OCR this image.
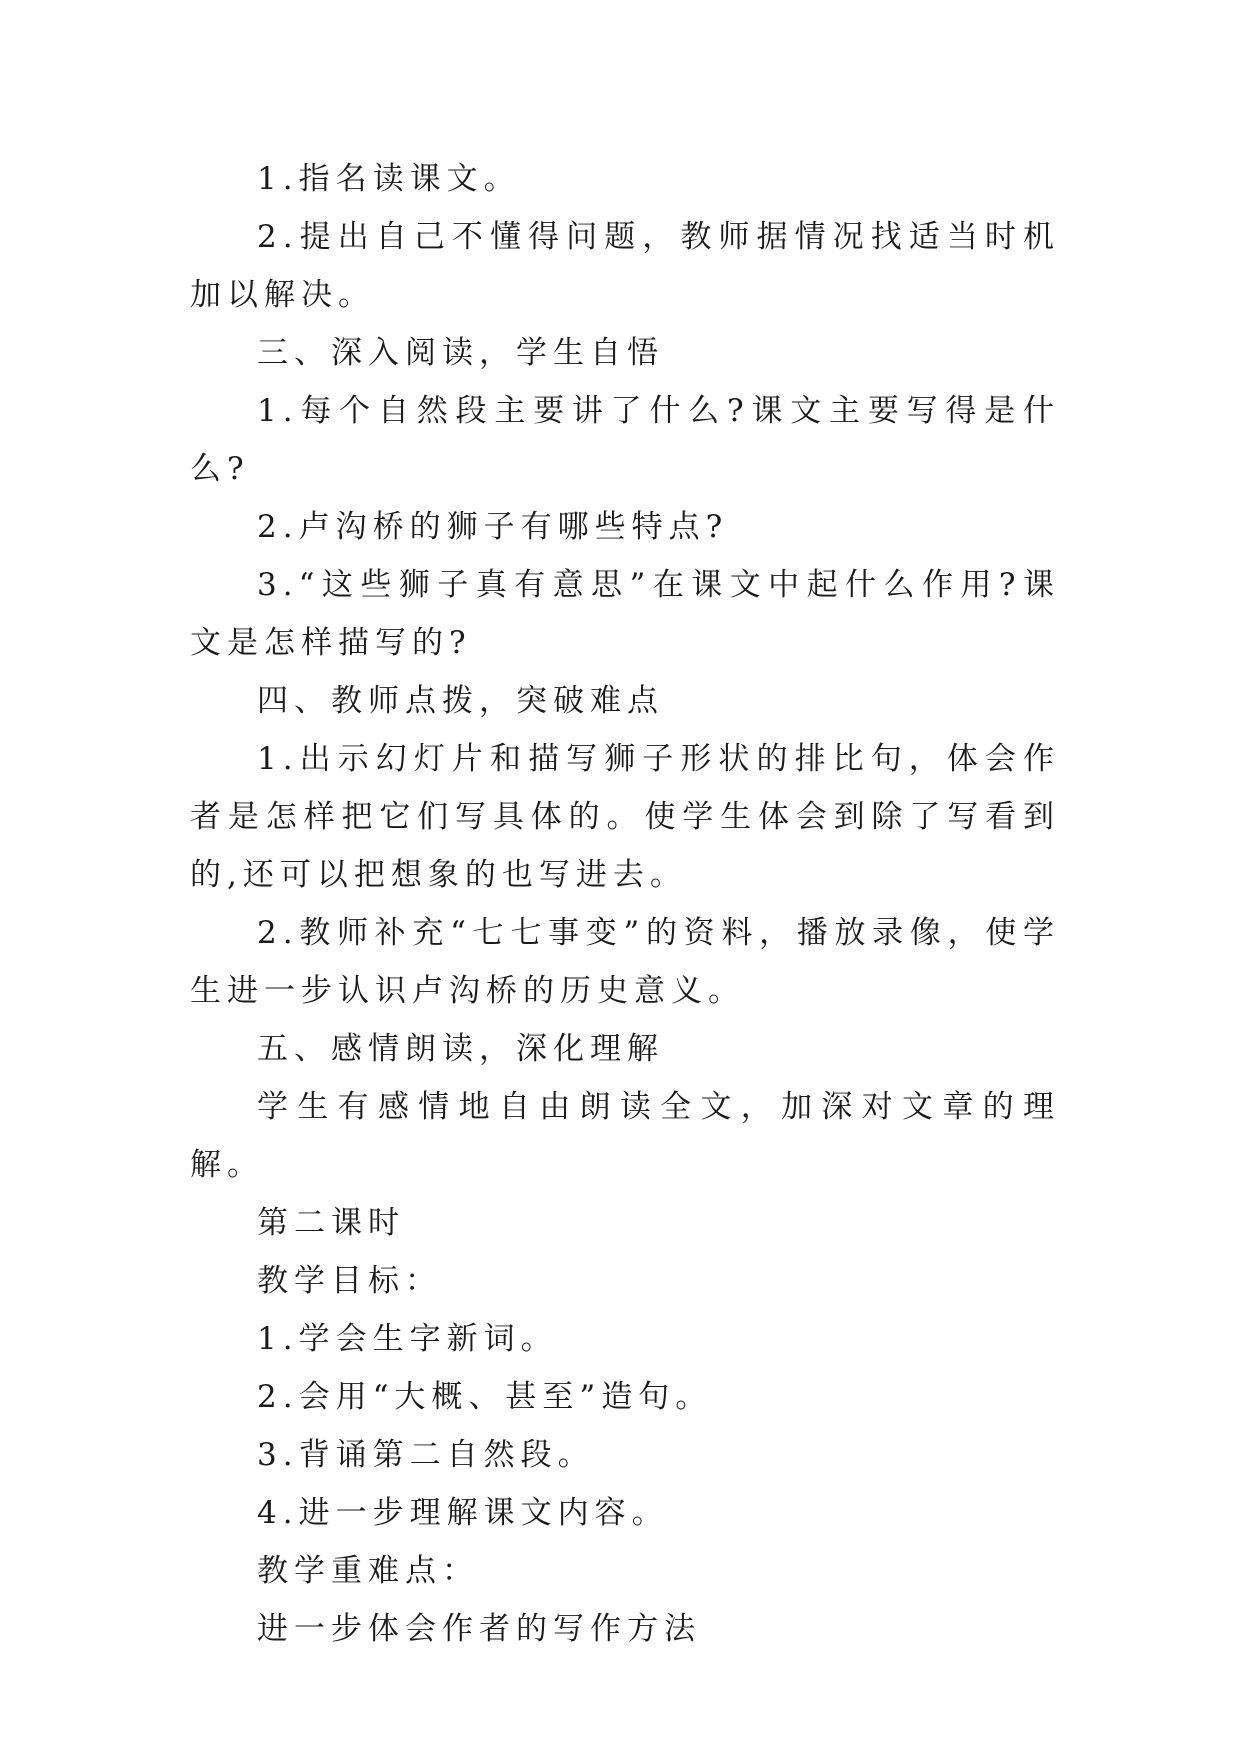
1.指名读课文。

2.提出自己不懂得问题，教师据情况找适当时机加以解决。

三、深入阅读，学生自悟

1.每个自然段主要讲了什么?课文主要写得是什么?

2.卢沟桥的狮子有哪些特点?

3.“这些狮子真有意思”在课文中起什么作用?课文是怎样描写的?

四、教师点拨，突破难点

1.出示幻灯片和描写狮子形状的排比句，体会作者是怎样把它们写具体的。使学生体会到除了写看到的,还可以把想象的也写进去。

2.教师补充“七七事变”的资料，播放录像，使学生进一步认识卢沟桥的历史意义。

五、感情朗读，深化理解

学生有感情地自由朗读全文，加深对文章的理解。

第二课时

教学目标：

1.学会生字新词。

2.会用“大概、甚至”造句。

3.背诵第二自然段。

4.进一步理解课文内容。

教学重难点：

进一步体会作者的写作方法
